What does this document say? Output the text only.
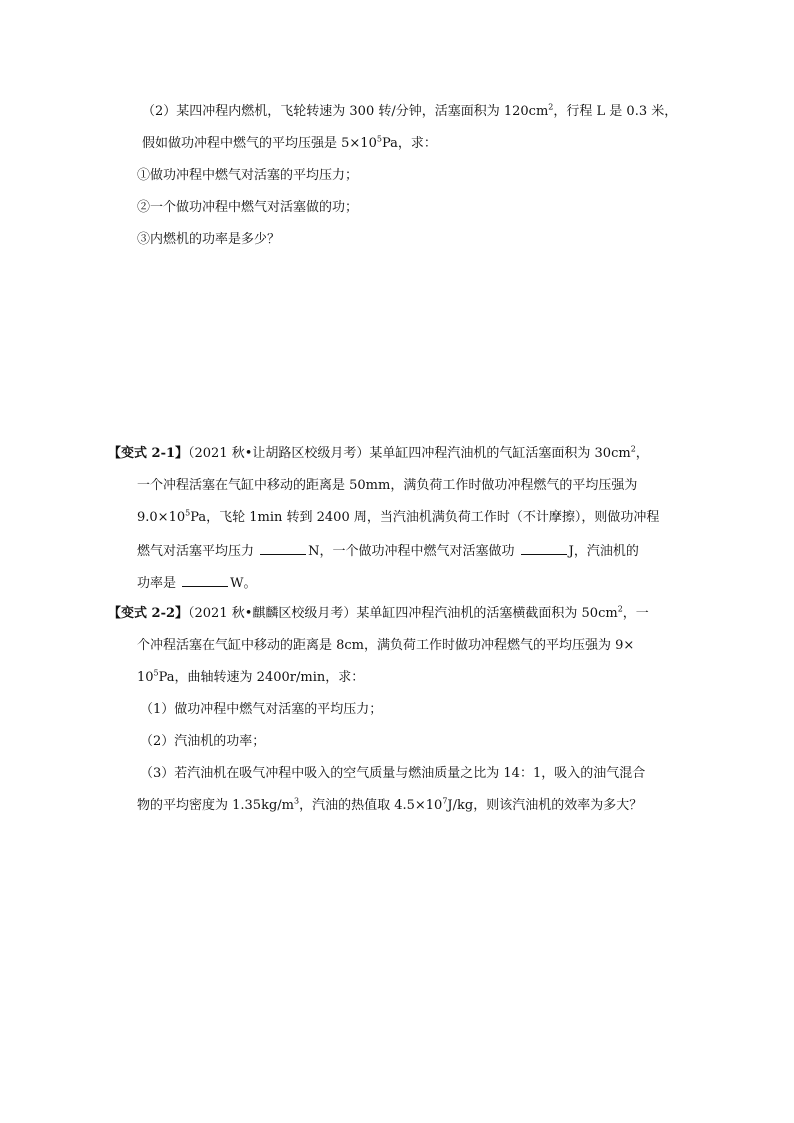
（2）某四冲程内燃机，飞轮转速为 300 转/分钟，活塞面积为 $120cm^2$，行程 L 是 0.3 米，
假如做功冲程中燃气的平均压强是 $5\times 10^5Pa$，求：
①做功冲程中燃气对活塞的平均压力；
②一个做功冲程中燃气对活塞做的功；
③内燃机的功率是多少？
【变式 2-1】（2021 秋•让胡路区校级月考）某单缸四冲程汽油机的气缸活塞面积为 $30cm^2$，
一个冲程活塞在气缸中移动的距离是 50mm，满负荷工作时做功冲程燃气的平均压强为
$9.0\times 10^5Pa$，飞轮 1min 转到 2400 周，当汽油机满负荷工作时（不计摩擦），则做功冲程
燃气对活塞平均压力	N，一个做功冲程中燃气对活塞做功	J，汽油机的
功率是	W。
【变式 2-2】（2021 秋•麒麟区校级月考）某单缸四冲程汽油机的活塞横截面积为 $50cm^2$，一
个冲程活塞在气缸中移动的距离是 8cm，满负荷工作时做功冲程燃气的平均压强为 9×
$10^5Pa$，曲轴转速为 2400r/min，求：
（1）做功冲程中燃气对活塞的平均压力；
（2）汽油机的功率；
（3）若汽油机在吸气冲程中吸入的空气质量与燃油质量之比为 14：1，吸入的油气混合
物的平均密度为 $1.35kg/m^3$，汽油的热值取 $4.5\times 10^7J/kg$，则该汽油机的效率为多大？
